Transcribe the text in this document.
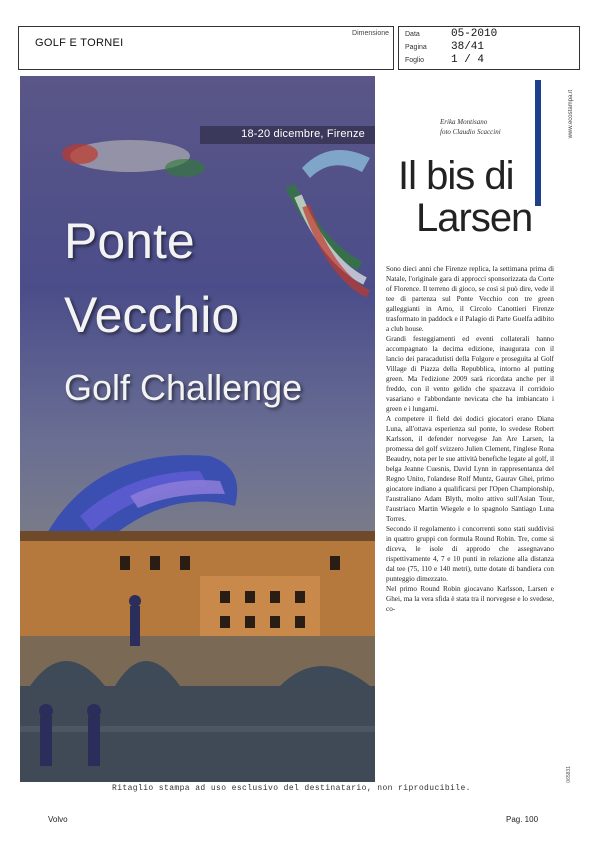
GOLF E TORNEI
Dimensione Data	05-2010
Pagina	38/41
Foglio	1 / 4
18-20 dicembre, Firenze
Ponte
Vecchio
Golf Challenge
Erika Montisano
foto Claudio Scaccini
Il bis di
Larsen

Sono dieci anni che Firenze replica, la settimana prima di Natale, l'originale gara di approcci sponsorizzata da Corte of Florence. Il terreno di gioco, se così si può dire, vede il tee di partenza sul Ponte Vecchio con tre green galleggianti in Arno, il Circolo Canottieri Firenze trasformato in paddock e il Palagio di Parte Guelfa adibito a club house.

Grandi festeggiamenti ed eventi collaterali hanno accompagnato la decima edizione, inaugurata con il lancio dei paracadutisti della Folgore e proseguita al Golf Village di Piazza della Repubblica, intorno al putting green. Ma l'edizione 2009 sarà ricordata anche per il freddo, con il vento gelido che spazzava il corridoio vasariano e l'abbondante nevicata che ha imbiancato i green e i lungarni.

A competere il field dei dodici giocatori erano Diana Luna, all'ottava esperienza sul ponte, lo svedese Robert Karlsson, il defender norvegese Jan Are Larsen, la promessa del golf svizzero Julien Clement, l'inglese Rona Beaudry, nota per le sue attività benefiche legate al golf, il belga Jeanne Cuesnis, David Lynn in rappresentanza del Regno Unito, l'olandese Rolf Muntz, Gaurav Ghei, primo giocatore indiano a qualificarsi per l'Open Championship, l'australiano Adam Blyth, molto attivo sull'Asian Tour, l'austriaco Martin Wiegele e lo spagnolo Santiago Luna Torres.

Secondo il regolamento i concorrenti sono stati suddivisi in quattro gruppi con formula Round Robin. Tre, come si diceva, le isole di approdo che assegnavano rispettivamente 4, 7 e 10 punti in relazione alla distanza dal tee (75, 110 e 140 metri), tutte dotate di bandiera con punteggio dimezzato.

Nel primo Round Robin giocavano Karlsson, Larsen e Ghei, ma la vera sfida è stata tra il norvegese e lo svedese, co-

www.ecostampa.it
065831
Ritaglio stampa ad uso esclusivo del destinatario, non riproducibile.
Volvo	Pag. 100
